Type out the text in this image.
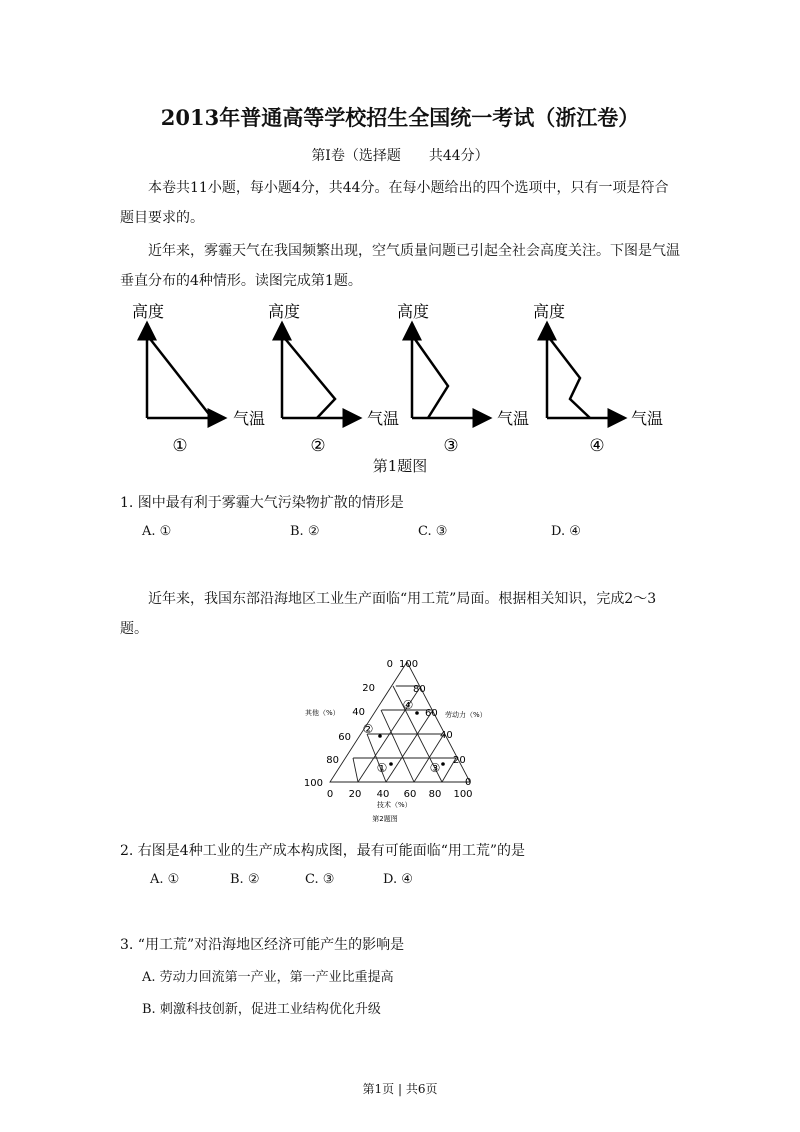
2013年普通高等学校招生全国统一考试（浙江卷）
第Ⅰ卷（选择题　　共44分）
本卷共11小题，每小题4分，共44分。在每小题给出的四个选项中，只有一项是符合题目要求的。
近年来，雾霾天气在我国频繁出现，空气质量问题已引起全社会高度关注。下图是气温垂直分布的4种情形。读图完成第1题。
高度
气温
①
高度
气温
②
高度
气温
③
高度
气温
④
第1题图
1. 图中最有利于雾霾大气污染物扩散的情形是
A. ①	B. ②	C. ③	D. ④
近年来，我国东部沿海地区工业生产面临“用工荒”局面。根据相关知识，完成2～3题。
④
②
①	③
0
20
40
60
80
100
100
80
60
40
20
0
0 20 40 60 80 100
其他（%）	劳动力（%）
技术（%）
第2题图
2. 右图是4种工业的生产成本构成图，最有可能面临“用工荒”的是
A. ①	B. ②	C. ③	D. ④
3. “用工荒”对沿海地区经济可能产生的影响是
A. 劳动力回流第一产业，第一产业比重提高
B. 刺激科技创新，促进工业结构优化升级
第1页 | 共6页
